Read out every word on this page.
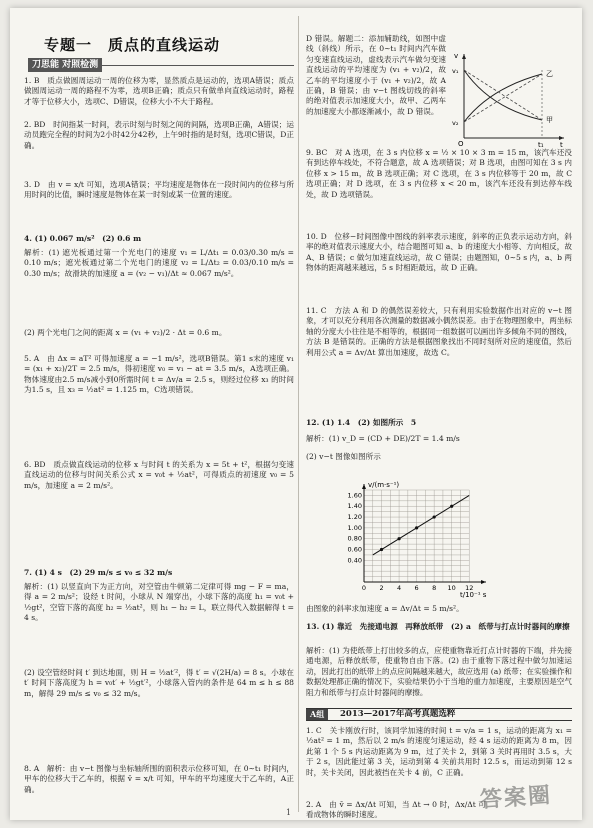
专题一　质点的直线运动
刀思能 对照检测
1. B　质点做圆周运动一周的位移为零，显然质点是运动的，选项A错误；质点做圆周运动一周的路程不为零，选项B正确；质点只有做单向直线运动时，路程才等于位移大小，选项C、D错误，位移大小不大于路程。
2. BD　时间指某一时间，表示时刻与时刻之间的间隔，选项B正确，A错误；运动员跑完全程的时间为2小时42分42秒，上午9时指的是时刻，选项C错误，D正确。
3. D　由 v = x/t 可知，选项A错误；平均速度是物体在一段时间内的位移与所用时间的比值，瞬时速度是物体在某一时刻或某一位置的速度。
4. (1) 0.067 m/s²　(2) 0.6 m
解析：(1) 遮光板通过第一个光电门的速度 v₁ = L/Δt₁ = 0.03/0.30 m/s = 0.10 m/s；遮光板通过第二个光电门的速度 v₂ = L/Δt₂ = 0.03/0.10 m/s = 0.30 m/s；故滑块的加速度 a = (v₂ − v₁)/Δt ≈ 0.067 m/s²。
(2) 两个光电门之间的距离 x = (v₁ + v₂)/2 · Δt = 0.6 m。
5. A　由 Δx = aT² 可得加速度 a = −1 m/s²，选项B错误。第1 s末的速度 v₁ = (x₁ + x₂)/2T = 2.5 m/s，得初速度 v₀ = v₁ − at = 3.5 m/s，A选项正确。物体速度由2.5 m/s减小到0所需时间 t = Δv/a = 2.5 s，则经过位移 x₃ 的时间为1.5 s，且 x₃ = ½at² = 1.125 m，C选项错误。
6. BD　质点做直线运动的位移 x 与时间 t 的关系为 x = 5t + t²，根据匀变速直线运动的位移与时间关系公式 x = v₀t + ½at²，可得质点的初速度 v₀ = 5 m/s，加速度 a = 2 m/s²。
7. (1) 4 s　(2) 29 m/s ≤ v₀ ≤ 32 m/s
解析：(1) 以竖直向下为正方向，对空管由牛顿第二定律可得 mg − F = ma，得 a = 2 m/s²；设经 t 时间，小球从 N 端穿出，小球下落的高度 h₁ = v₀t + ½gt²，空管下落的高度 h₂ = ½at²，则 h₁ − h₂ = L，联立得代入数据解得 t = 4 s。
(2) 设空管经时间 t′ 到达地面，则 H = ½at′²，得 t′ = √(2H/a) = 8 s。小球在 t′ 时间下落高度为 h = v₀t′ + ½gt′²，小球落入管内的条件是 64 m ≤ h ≤ 88 m，解得 29 m/s ≤ v₀ ≤ 32 m/s。
8. A　解析：由 v−t 图像与坐标轴所围的面积表示位移可知，在 0∼t₁ 时间内，甲车的位移大于乙车的，根据 v̄ = x/t 可知，甲车的平均速度大于乙车的，A正确。
D 错误。解题二：添加辅助线，如图中虚线（斜线）所示，在 0∼t₁ 时间内汽车做匀变速直线运动，虚线表示汽车做匀变速直线运动的平均速度为 (v₁ + v₂)/2，故乙车的平均速度小于 (v₁ + v₂)/2，故 A 正确，B 错误；由 v−t 图线切线的斜率的绝对值表示加速度大小，故甲、乙两车的加速度大小都逐渐减小，故 D 错误。
O
v
t
t₁
v₁
v₂	甲
乙
9. BC　对 A 选项，在 3 s 内位移 x = ½ × 10 × 3 m = 15 m，该汽车还没有到达停车线处，不符合题意，故 A 选项错误；对 B 选项，由图可知在 3 s 内位移 x > 15 m，故 B 选项正确；对 C 选项，在 3 s 内位移等于 20 m，故 C 选项正确；对 D 选项，在 3 s 内位移 x < 20 m，该汽车还没有到达停车线处，故 D 选项错误。
10. D　位移−时间图像中图线的斜率表示速度，斜率的正负表示运动方向，斜率的绝对值表示速度大小，结合题图可知 a、b 的速度大小相等、方向相反，故 A、B 错误；c 做匀加速直线运动，故 C 错误；由题图知，0∼5 s 内，a、b 两物体的距离越来越远，5 s 时相距最远，故 D 正确。
11. C　方法 A 和 D 的偶然误差较大，只有利用实验数据作出对应的 v−t 图象，才可以充分利用各次测量的数据减小偶然误差。由于在物理图象中，两坐标轴的分度大小往往是不相等的，根据同一组数据可以画出许多倾角不同的图线，方法 B 是错误的。正确的方法是根据图象找出不同时刻所对应的速度值，然后利用公式 a = Δv/Δt 算出加速度，故选 C。
12. (1) 1.4　(2) 如图所示　5
解析：(1) v_D = (CD + DE)/2T = 1.4 m/s
(2) v−t 图像如图所示
0 2 4 6 8 10 12
0.40
0.60
0.80
1.00
1.20
1.40
1.60
v/(m·s⁻¹)
t/10⁻¹ s
由图象的斜率求加速度 a = Δv/Δt = 5 m/s²。
13. (1) 靠近　先接通电源　再释放纸带　(2) a　纸带与打点计时器间的摩擦
解析：(1) 为使纸带上打出较多的点，应使重物靠近打点计时器的下端，并先接通电源，后释放纸带，使重物自由下落。(2) 由于重物下落过程中做匀加速运动，因此打出的纸带上的点应间隔越来越大，故应选用 (a) 纸带；在实验操作和数据处理都正确的情况下，实验结果仍小于当地的重力加速度，主要原因是空气阻力和纸带与打点计时器间的摩擦。
A组	2013—2017年高考真题选粹
1. C　关卡刚放行时，该同学加速的时间 t = v/a = 1 s，运动的距离为 x₁ = ½at² = 1 m，然后以 2 m/s 的速度匀速运动，经 4 s 运动的距离为 8 m，因此第 1 个 5 s 内运动距离为 9 m，过了关卡 2，到第 3 关时再用时 3.5 s，大于 2 s，因此能过第 3 关，运动到第 4 关前共用时 12.5 s，而运动到第 12 s 时，关卡关闭，因此被挡在关卡 4 前，C 正确。
2. A　由 v̄ = Δx/Δt 可知，当 Δt → 0 时，Δx/Δt 可看成物体的瞬时速度。
1	答案圈
